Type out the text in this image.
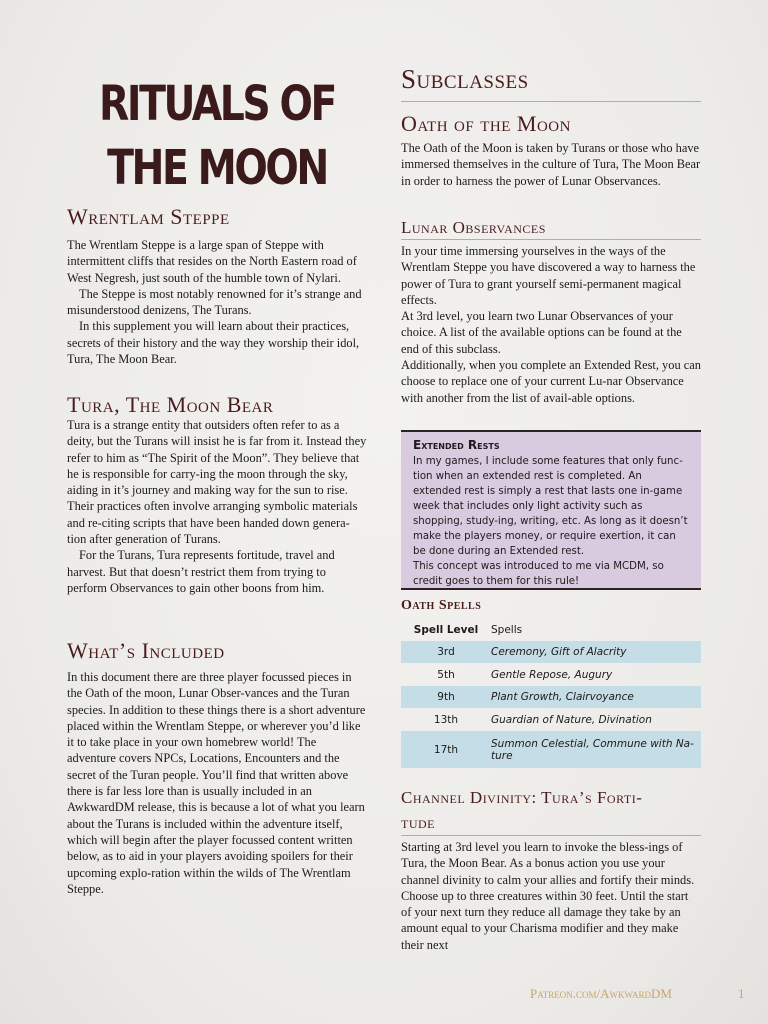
RITUALS OF
THE MOON
Wrentlam Steppe

The Wrentlam Steppe is a large span of Steppe with intermittent cliffs that resides on the North Eastern road of West Negresh, just south of the humble town of Nylari.

The Steppe is most notably renowned for it’s strange and misunderstood denizens, The Turans.

In this supplement you will learn about their practices, secrets of their history and the way they worship their idol, Tura, The Moon Bear.

Tura, The Moon Bear

Tura is a strange entity that outsiders often refer to as a deity, but the Turans will insist he is far from it. Instead they refer to him as “The Spirit of the Moon”. They believe that he is responsible for carry-ing the moon through the sky, aiding in it’s journey and making way for the sun to rise. Their practices often involve arranging symbolic materials and re-citing scripts that have been handed down genera-tion after generation of Turans.

For the Turans, Tura represents fortitude, travel and harvest. But that doesn’t restrict them from trying to perform Observances to gain other boons from him.

What’s Included

In this document there are three player focussed pieces in the Oath of the moon, Lunar Obser-vances and the Turan species. In addition to these things there is a short adventure placed within the Wrentlam Steppe, or wherever you’d like it to take place in your own homebrew world! The adventure covers NPCs, Locations, Encounters and the secret of the Turan people. You’ll find that written above there is far less lore than is usually included in an AwkwardDM release, this is because a lot of what you learn about the Turans is included within the adventure itself, which will begin after the player focussed content written below, as to aid in your players avoiding spoilers for their upcoming explo-ration within the wilds of The Wrentlam Steppe.

Subclasses
Oath of the Moon

The Oath of the Moon is taken by Turans or those who have immersed themselves in the culture of Tura, The Moon Bear in order to harness the power of Lunar Observances.

Lunar Observances

In your time immersing yourselves in the ways of the Wrentlam Steppe you have discovered a way to harness the power of Tura to grant yourself semi-permanent magical effects.

At 3rd level, you learn two Lunar Observances of your choice. A list of the available options can be found at the end of this subclass.

Additionally, when you complete an Extended Rest, you can choose to replace one of your current Lu-nar Observance with another from the list of avail-able options.

Extended Rests

In my games, I include some features that only func-tion when an extended rest is completed. An extended rest is simply a rest that lasts one in-game week that includes only light activity such as shopping, study-ing, writing, etc. As long as it doesn’t make the players money, or require exertion, it can be done during an Extended rest.

This concept was introduced to me via MCDM, so credit goes to them for this rule!

Oath Spells
Spell Level	Spells
3rd	Ceremony, Gift of Alacrity
5th	Gentle Repose, Augury
9th	Plant Growth, Clairvoyance
13th	Guardian of Nature, Divination
17th	Summon Celestial, Commune with Na-ture
Channel Divinity: Tura’s Forti-
tude

Starting at 3rd level you learn to invoke the bless-ings of Tura, the Moon Bear. As a bonus action you use your channel divinity to calm your allies and fortify their minds. Choose up to three creatures within 30 feet. Until the start of your next turn they reduce all damage they take by an amount equal to your Charisma modifier and they make their next

Patreon.com/AwkwardDM	1
